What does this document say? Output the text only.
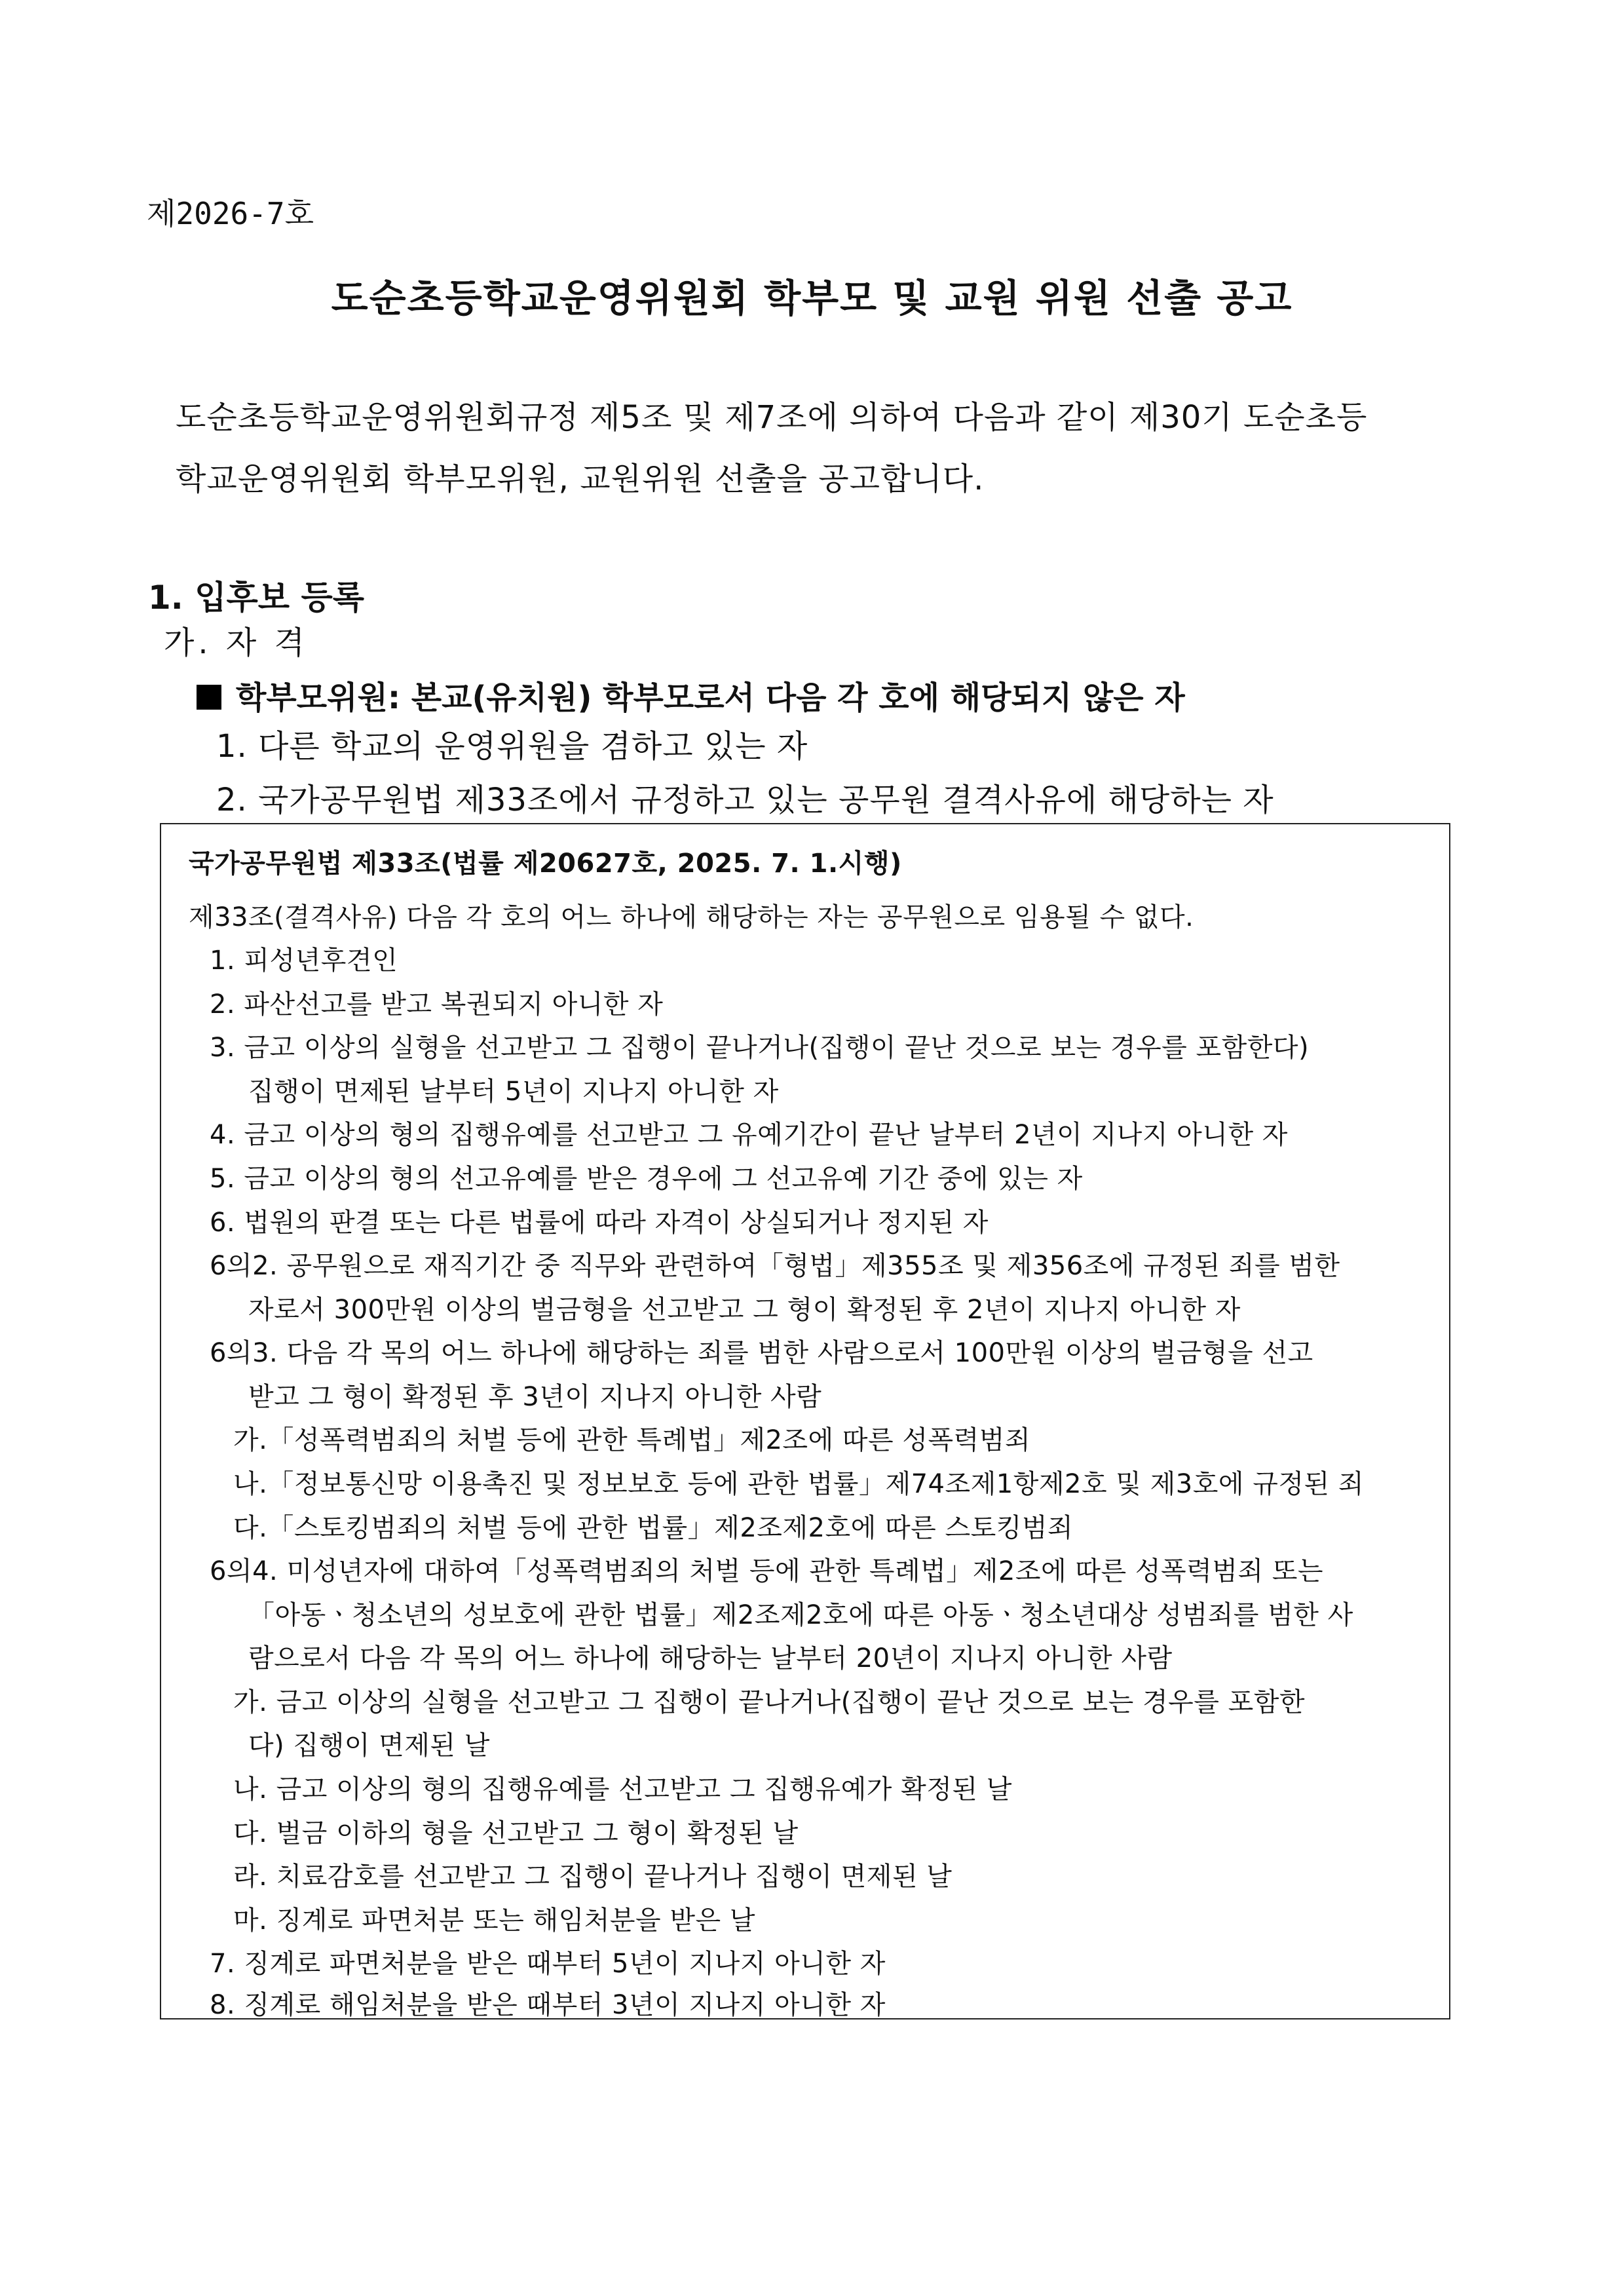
제2026-7호
도순초등학교운영위원회 학부모 및 교원 위원 선출 공고
도순초등학교운영위원회규정 제5조 및 제7조에 의하여 다음과 같이 제30기 도순초등
학교운영위원회 학부모위원, 교원위원 선출을 공고합니다.
1. 입후보 등록
가. 자 격
학부모위원: 본교(유치원) 학부모로서 다음 각 호에 해당되지 않은 자
1. 다른 학교의 운영위원을 겸하고 있는 자
2. 국가공무원법 제33조에서 규정하고 있는 공무원 결격사유에 해당하는 자
국가공무원법 제33조(법률 제20627호, 2025. 7. 1.시행)
제33조(결격사유) 다음 각 호의 어느 하나에 해당하는 자는 공무원으로 임용될 수 없다.
1. 피성년후견인
2. 파산선고를 받고 복권되지 아니한 자
3. 금고 이상의 실형을 선고받고 그 집행이 끝나거나(집행이 끝난 것으로 보는 경우를 포함한다)
집행이 면제된 날부터 5년이 지나지 아니한 자
4. 금고 이상의 형의 집행유예를 선고받고 그 유예기간이 끝난 날부터 2년이 지나지 아니한 자
5. 금고 이상의 형의 선고유예를 받은 경우에 그 선고유예 기간 중에 있는 자
6. 법원의 판결 또는 다른 법률에 따라 자격이 상실되거나 정지된 자
6의2. 공무원으로 재직기간 중 직무와 관련하여「형법」제355조 및 제356조에 규정된 죄를 범한
자로서 300만원 이상의 벌금형을 선고받고 그 형이 확정된 후 2년이 지나지 아니한 자
6의3. 다음 각 목의 어느 하나에 해당하는 죄를 범한 사람으로서 100만원 이상의 벌금형을 선고
받고 그 형이 확정된 후 3년이 지나지 아니한 사람
가.「성폭력범죄의 처벌 등에 관한 특례법」제2조에 따른 성폭력범죄
나.「정보통신망 이용촉진 및 정보보호 등에 관한 법률」제74조제1항제2호 및 제3호에 규정된 죄
다.「스토킹범죄의 처벌 등에 관한 법률」제2조제2호에 따른 스토킹범죄
6의4. 미성년자에 대하여「성폭력범죄의 처벌 등에 관한 특례법」제2조에 따른 성폭력범죄 또는
「아동ㆍ청소년의 성보호에 관한 법률」제2조제2호에 따른 아동ㆍ청소년대상 성범죄를 범한 사
람으로서 다음 각 목의 어느 하나에 해당하는 날부터 20년이 지나지 아니한 사람
가. 금고 이상의 실형을 선고받고 그 집행이 끝나거나(집행이 끝난 것으로 보는 경우를 포함한
다) 집행이 면제된 날
나. 금고 이상의 형의 집행유예를 선고받고 그 집행유예가 확정된 날
다. 벌금 이하의 형을 선고받고 그 형이 확정된 날
라. 치료감호를 선고받고 그 집행이 끝나거나 집행이 면제된 날
마. 징계로 파면처분 또는 해임처분을 받은 날
7. 징계로 파면처분을 받은 때부터 5년이 지나지 아니한 자
8. 징계로 해임처분을 받은 때부터 3년이 지나지 아니한 자
